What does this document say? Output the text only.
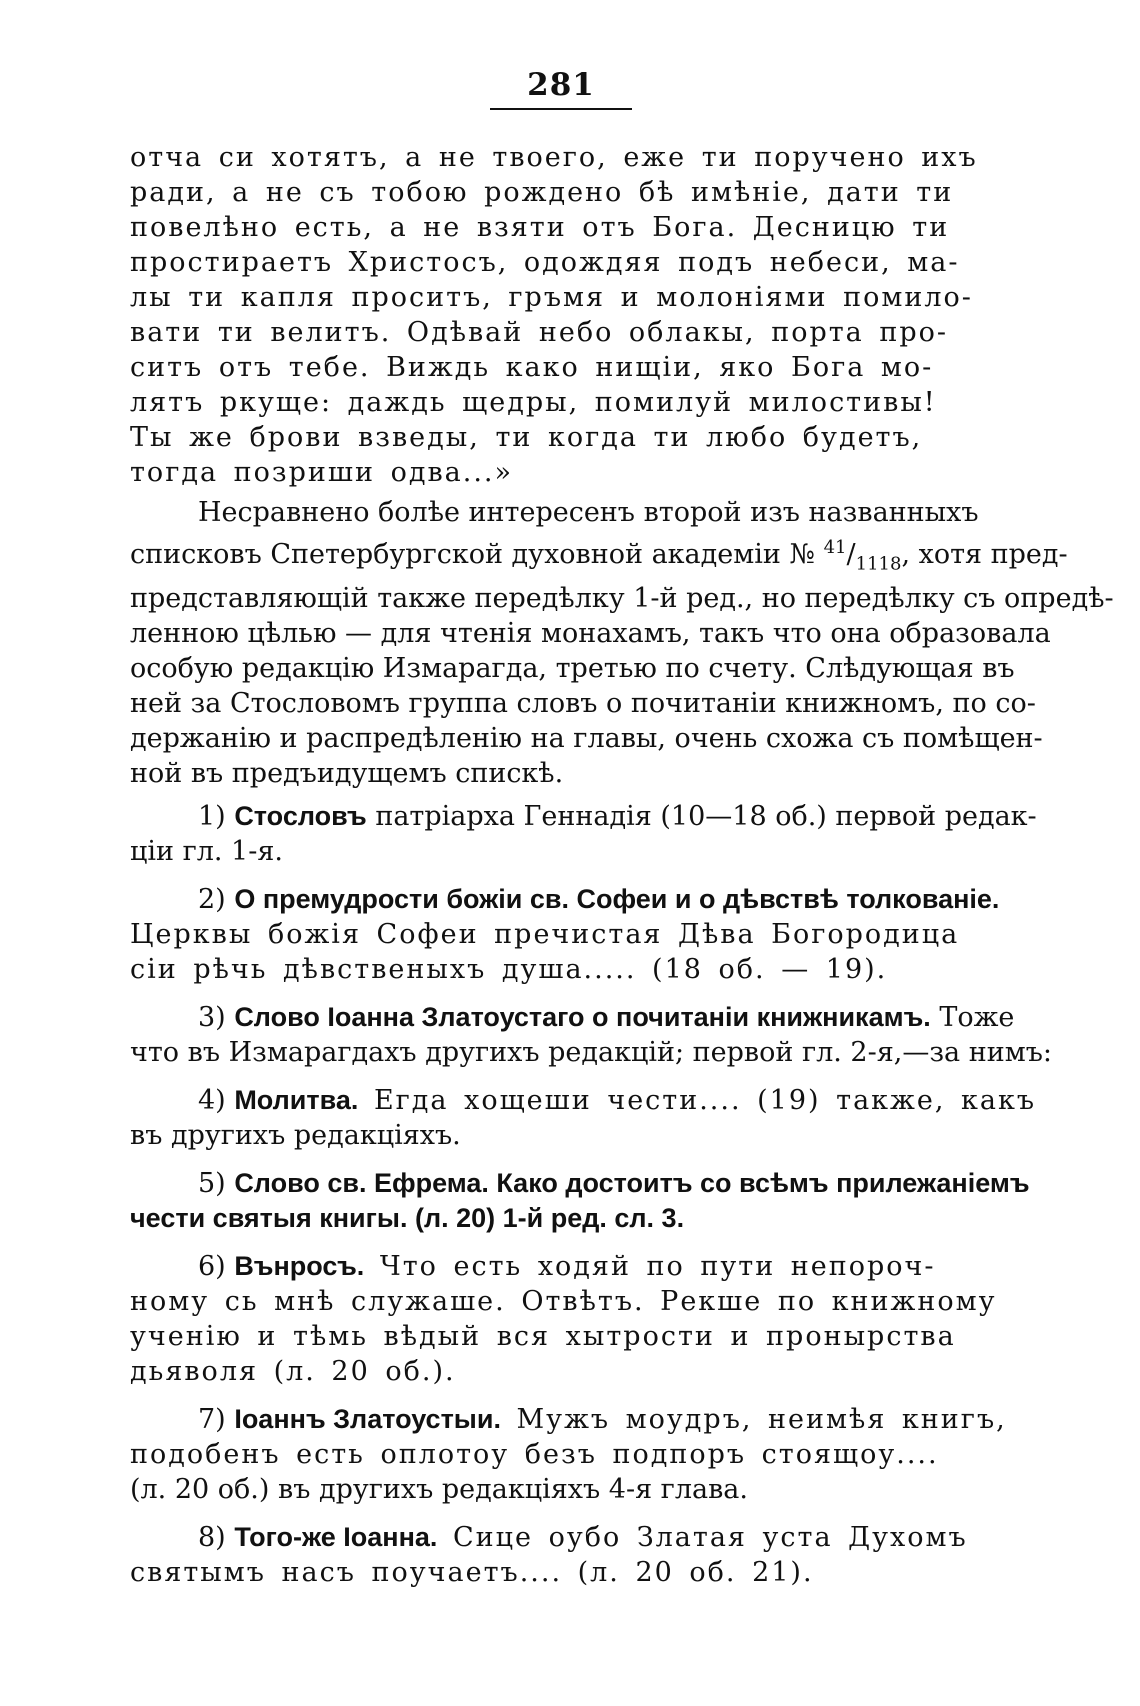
281
отча си хотятъ, а не твоего, еже ти поручено ихъ
ради, а не съ тобою рождено бѣ имѣніе, дати ти
повелѣно есть, а не взяти отъ Бога. Десницю ти
простираетъ Христосъ, одождяя подъ небеси, ма-
лы ти капля проситъ, гръмя и молоніями помило-
вати ти велитъ. Одѣвай небо облакы, порта про-
ситъ отъ тебе. Виждь како нищіи, яко Бога мо-
лятъ ркуще: даждь щедры, помилуй милостивы!
Ты же брови взведы, ти когда ти любо будетъ,
тогда позриши одва...»
Несравнено болѣе интересенъ второй изъ названныхъ
списковъ Спетербургской духовной академіи № $^{41}/_{1118}$, хотя пред-
представляющій также передѣлку 1-й ред., но передѣлку съ опредѣ-
ленною цѣлью — для чтенія монахамъ, такъ что она образовала
особую редакцію Измарагда, третью по счету. Слѣдующая въ
ней за Стословомъ группа словъ о почитаніи книжномъ, по со-
держанію и распредѣленію на главы, очень схожа съ помѣщен-
ной въ предъидущемъ спискѣ.
1) Стословъ патріарха Геннадія (10—18 об.) первой редак-
ціи гл. 1-я.
2) О премудрости божіи св. Софеи и о дѣвствѣ толкованіе.
Церквы божія Софеи пречистая Дѣва Богородица
сіи рѣчь дѣвственыхъ душа..... (18 об. — 19).
3) Слово Іоанна Златоустаго о почитаніи книжникамъ. Тоже
что въ Измарагдахъ другихъ редакцій; первой гл. 2-я,—за нимъ:
4) Молитва. Егда хощеши чести.... (19) также, какъ
въ другихъ редакціяхъ.
5) Слово св. Ефрема. Како достоитъ со всѣмъ прилежаніемъ
чести святыя книгы. (л. 20) 1-й ред. сл. 3.
6) Вънросъ. Что есть ходяй по пути непороч-
ному сь мнѣ служаше. Отвѣтъ. Рекше по книжному
ученію и тѣмь вѣдый вся хытрости и пронырства
дьяволя (л. 20 об.).
7) Іоаннъ Златоустыи. Мужъ моудръ, неимѣя книгъ,
подобенъ есть оплотоу безъ подпоръ стоящоу....
(л. 20 об.) въ другихъ редакціяхъ 4-я глава.
8) Того-же Іоанна. Сице оубо Златая уста Духомъ
святымъ насъ поучаетъ.... (л. 20 об. 21).
